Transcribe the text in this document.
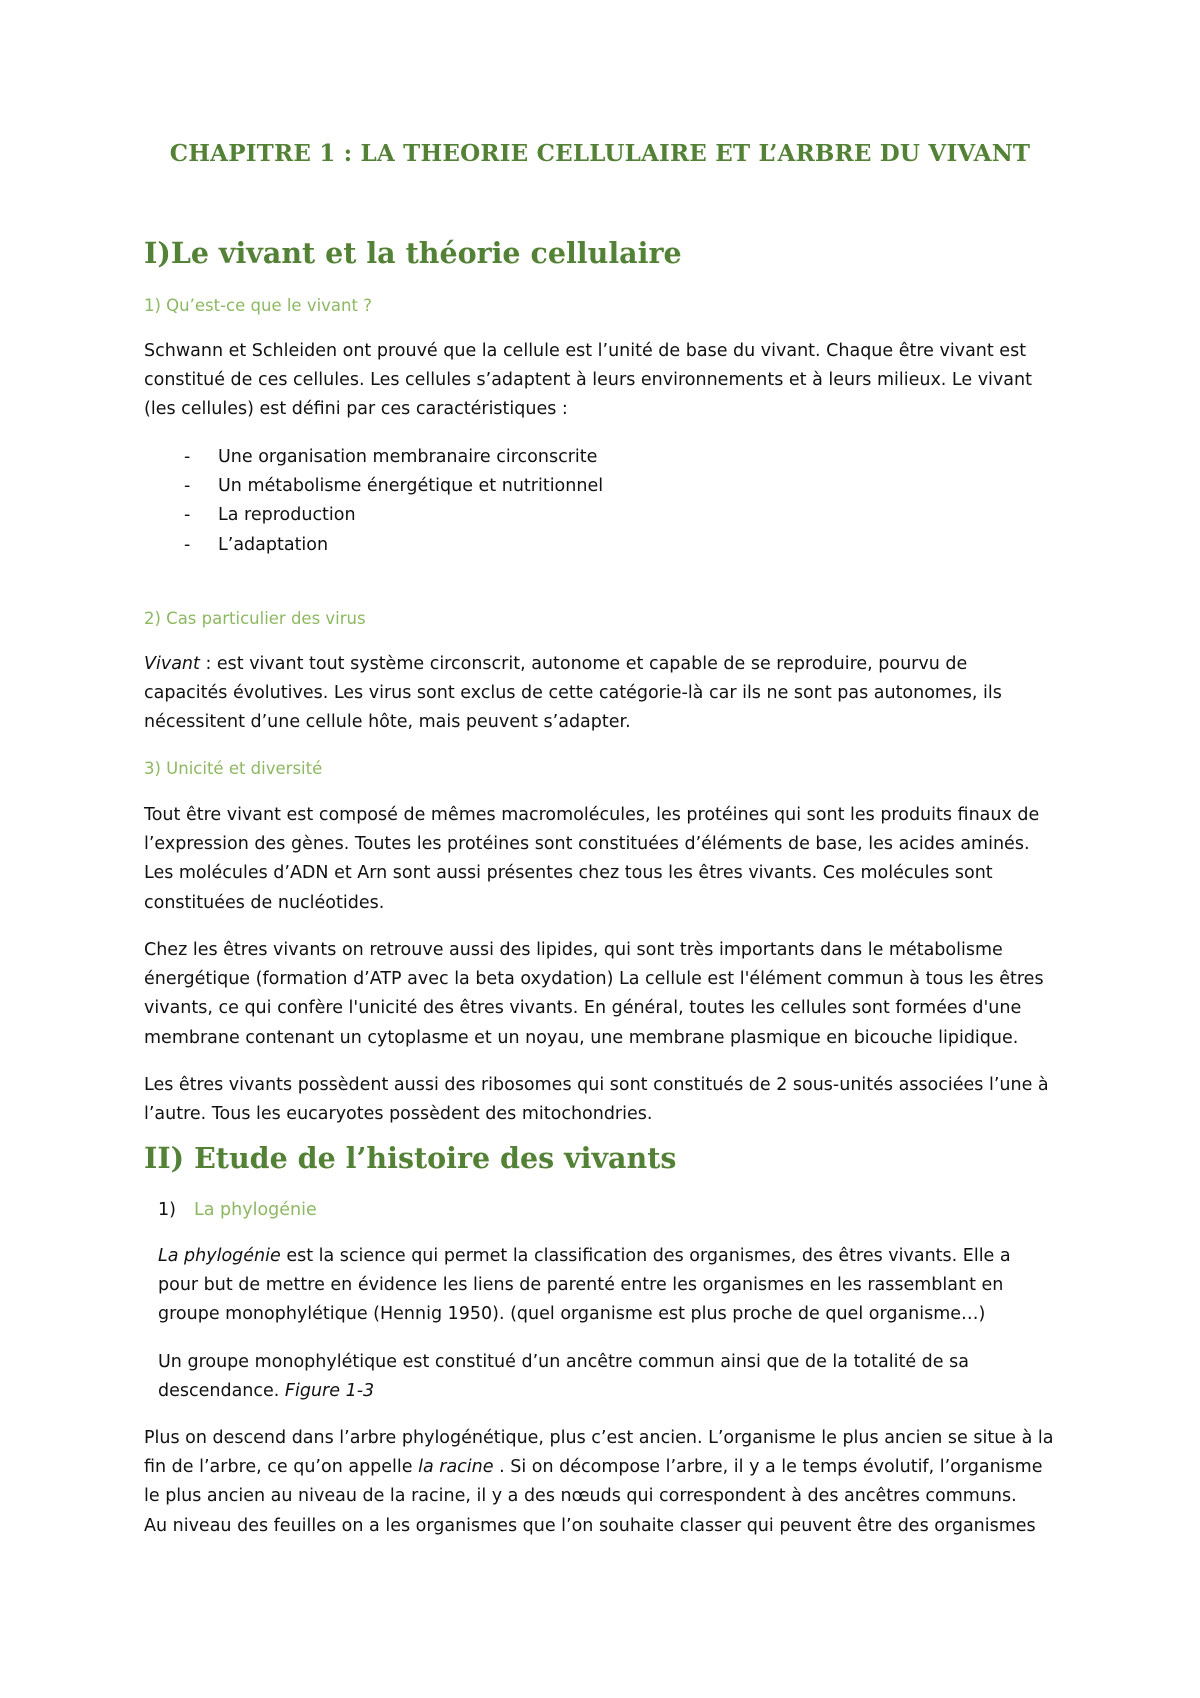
CHAPITRE 1 : LA THEORIE CELLULAIRE ET L’ARBRE DU VIVANT
I)Le vivant et la théorie cellulaire
1) Qu’est-ce que le vivant ?
Schwann et Schleiden ont prouvé que la cellule est l’unité de base du vivant. Chaque être vivant est
constitué de ces cellules. Les cellules s’adaptent à leurs environnements et à leurs milieux. Le vivant
(les cellules) est défini par ces caractéristiques :
-	Une organisation membranaire circonscrite
-	Un métabolisme énergétique et nutritionnel
-	La reproduction
-	L’adaptation
2) Cas particulier des virus
Vivant : est vivant tout système circonscrit, autonome et capable de se reproduire, pourvu de
capacités évolutives. Les virus sont exclus de cette catégorie-là car ils ne sont pas autonomes, ils
nécessitent d’une cellule hôte, mais peuvent s’adapter.
3) Unicité et diversité
Tout être vivant est composé de mêmes macromolécules, les protéines qui sont les produits finaux de
l’expression des gènes. Toutes les protéines sont constituées d’éléments de base, les acides aminés.
Les molécules d’ADN et Arn sont aussi présentes chez tous les êtres vivants. Ces molécules sont
constituées de nucléotides.
Chez les êtres vivants on retrouve aussi des lipides, qui sont très importants dans le métabolisme
énergétique (formation d’ATP avec la beta oxydation) La cellule est l'élément commun à tous les êtres
vivants, ce qui confère l'unicité des êtres vivants. En général, toutes les cellules sont formées d'une
membrane contenant un cytoplasme et un noyau, une membrane plasmique en bicouche lipidique.
Les êtres vivants possèdent aussi des ribosomes qui sont constitués de 2 sous-unités associées l’une à
l’autre. Tous les eucaryotes possèdent des mitochondries.
II) Etude de l’histoire des vivants
1)	La phylogénie
La phylogénie est la science qui permet la classification des organismes, des êtres vivants. Elle a
pour but de mettre en évidence les liens de parenté entre les organismes en les rassemblant en
groupe monophylétique (Hennig 1950). (quel organisme est plus proche de quel organisme…)
Un groupe monophylétique est constitué d’un ancêtre commun ainsi que de la totalité de sa
descendance. Figure 1-3
Plus on descend dans l’arbre phylogénétique, plus c’est ancien. L’organisme le plus ancien se situe à la
fin de l’arbre, ce qu’on appelle la racine . Si on décompose l’arbre, il y a le temps évolutif, l’organisme
le plus ancien au niveau de la racine, il y a des nœuds qui correspondent à des ancêtres communs.
Au niveau des feuilles on a les organismes que l’on souhaite classer qui peuvent être des organismes
